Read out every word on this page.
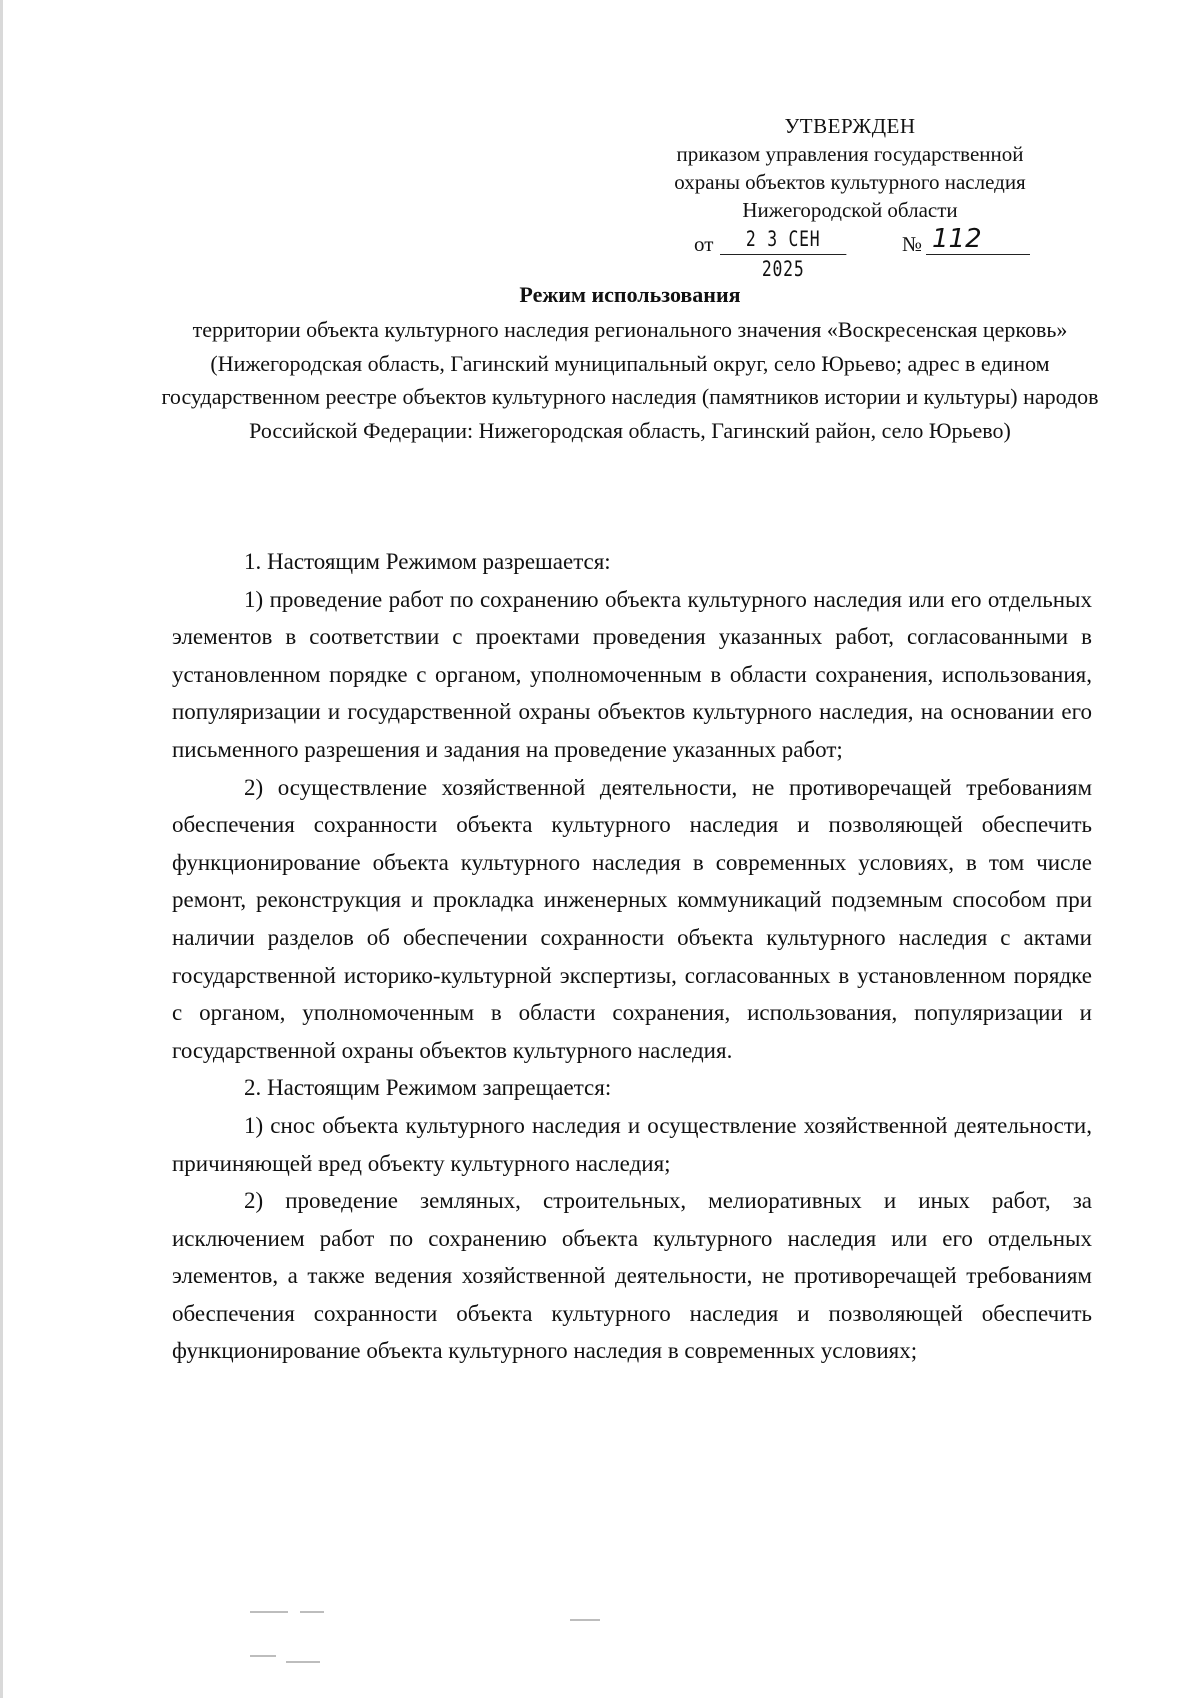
УТВЕРЖДЕН
приказом управления государственной
охраны объектов культурного наследия
Нижегородской области
от	2 3 СЕН 2025
№ 112
Режим использования
территории объекта культурного наследия регионального значения «Воскресенская церковь» (Нижегородская область, Гагинский муниципальный округ, село Юрьево; адрес в едином государственном реестре объектов культурного наследия (памятников истории и культуры) народов Российской Федерации: Нижегородская область, Гагинский район, село Юрьево)

1. Настоящим Режимом разрешается:

1) проведение работ по сохранению объекта культурного наследия или его отдельных элементов в соответствии с проектами проведения указанных работ, согласованными в установленном порядке с органом, уполномоченным в области сохранения, использования, популяризации и государственной охраны объектов культурного наследия, на основании его письменного разрешения и задания на проведение указанных работ;

2) осуществление хозяйственной деятельности, не противоречащей требованиям обеспечения сохранности объекта культурного наследия и позволяющей обеспечить функционирование объекта культурного наследия в современных условиях, в том числе ремонт, реконструкция и прокладка инженерных коммуникаций подземным способом при наличии разделов об обеспечении сохранности объекта культурного наследия с актами государственной историко-культурной экспертизы, согласованных в установленном порядке с органом, уполномоченным в области сохранения, использования, популяризации и государственной охраны объектов культурного наследия.

2. Настоящим Режимом запрещается:

1) снос объекта культурного наследия и осуществление хозяйственной деятельности, причиняющей вред объекту культурного наследия;

2) проведение земляных, строительных, мелиоративных и иных работ, за исключением работ по сохранению объекта культурного наследия или его отдельных элементов, а также ведения хозяйственной деятельности, не противоречащей требованиям обеспечения сохранности объекта культурного наследия и позволяющей обеспечить функционирование объекта культурного наследия в современных условиях;
